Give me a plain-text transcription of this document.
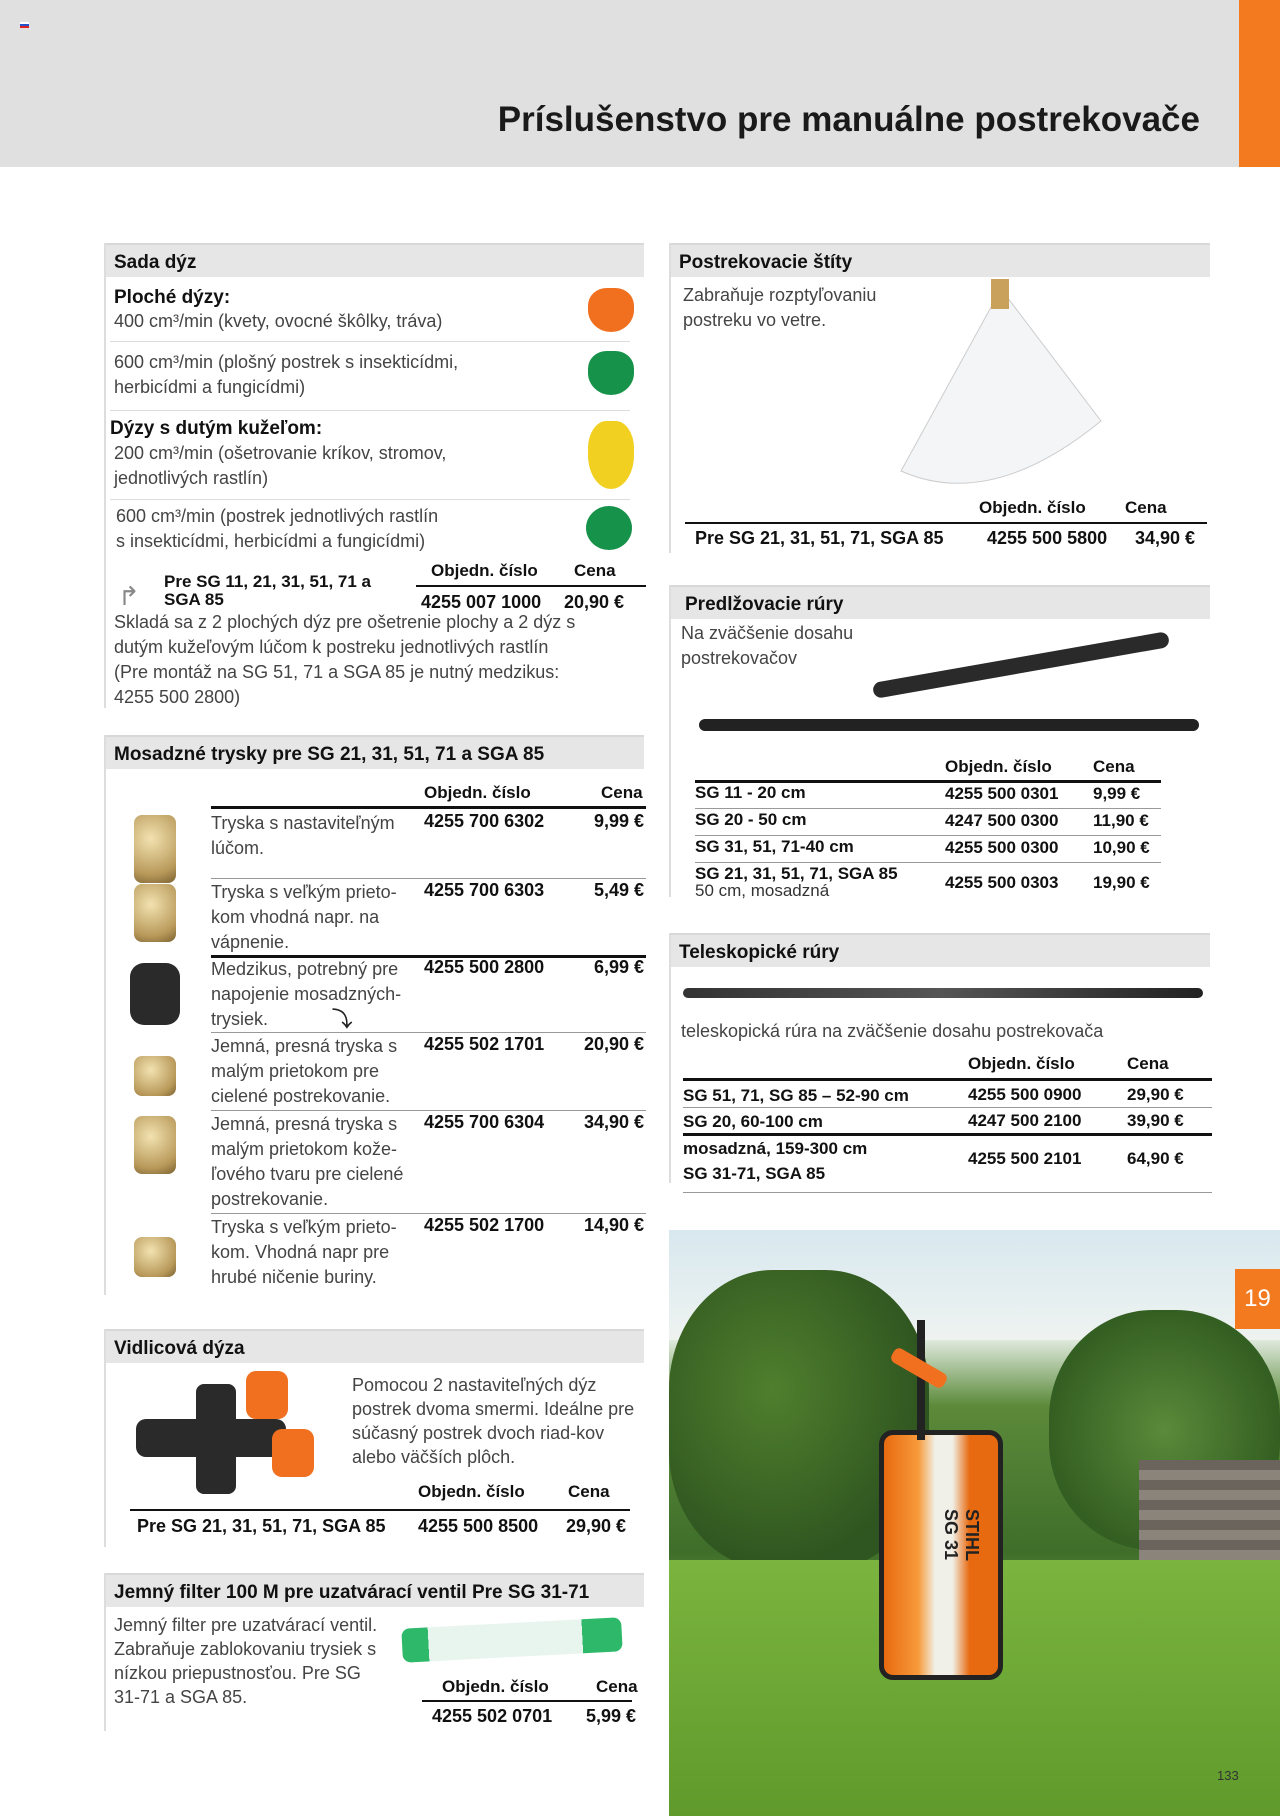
Príslušenstvo pre manuálne postrekovače
Sada dýz
Ploché dýzy:
400 cm³/min (kvety, ovocné škôlky, tráva)
600 cm³/min (plošný postrek s insekticídmi,
herbicídmi a fungicídmi)
Dýzy s dutým kužeľom:
200 cm³/min (ošetrovanie kríkov, stromov,
jednotlivých rastlín)
600 cm³/min (postrek jednotlivých rastlín
s insekticídmi, herbicídmi a fungicídmi)
↱ Pre SG 11, 21, 31, 51, 71 a
SGA 85
Objedn. číslo Cena
4255 007 1000 20,90 €
Skladá sa z 2 plochých dýz pre ošetrenie plochy a 2 dýz s
dutým kužeľovým lúčom k postreku jednotlivých rastlín
(Pre montáž na SG 51, 71 a SGA 85 je nutný medzikus:
4255 500 2800)
Mosadzné trysky pre SG 21, 31, 51, 71 a SGA 85
Objedn. číslo	Cena
Tryska s nastaviteľným lúčom.
4255 700 6302	9,99 €
Tryska s veľkým prieto-kom vhodná napr. na vápnenie.
4255 700 6303	5,49 €
Medzikus, potrebný pre napojenie mosadzných-trysiek.
4255 500 2800	6,99 €
Jemná, presná tryska s malým prietokom pre cielené postrekovanie.
4255 502 1701 20,90 €
Jemná, presná tryska s malým prietokom kože-ľového tvaru pre cielené postrekovanie.
4255 700 6304 34,90 €
Tryska s veľkým prieto-kom. Vhodná napr pre hrubé ničenie buriny.
4255 502 1700 14,90 €
⤵
Vidlicová dýza
Pomocou 2 nastaviteľných dýz postrek dvoma smermi. Ideálne pre súčasný postrek dvoch riad-kov alebo väčších plôch.
Objedn. číslo	Cena
Pre SG 21, 31, 51, 71, SGA 85 4255 500 8500 29,90 €
Jemný filter 100 M pre uzatvárací ventil Pre SG 31-71
Jemný filter pre uzatvárací ventil. Zabraňuje zablokovaniu trysiek s nízkou priepustnosťou. Pre SG 31-71 a SGA 85.
Objedn. číslo	Cena
4255 502 0701 5,99 €
Postrekovacie štíty
Zabraňuje rozptyľovaniu postreku vo vetre.
Objedn. číslo Cena
Pre SG 21, 31, 51, 71, SGA 85 4255 500 5800 34,90 €
Predlžovacie rúry
Na zväčšenie dosahu postrekovačov
Objedn. číslo Cena
SG 11 - 20 cm	4255 500 0301 9,99 €
SG 20 - 50 cm	4247 500 0300 11,90 €
SG 31, 51, 71-40 cm	4255 500 0300 10,90 €
SG 21, 31, 51, 71, SGA 85
50 cm, mosadzná	4255 500 0303 19,90 €
Teleskopické rúry
teleskopická rúra na zväčšenie dosahu postrekovača
Objedn. číslo	Cena
SG 51, 71, SG 85 – 52-90 cm	4255 500 0900	29,90 €
SG 20, 60-100 cm	4247 500 2100	39,90 €
mosadzná, 159-300 cm
SG 31-71, SGA 85
4255 500 2101	64,90 €
STIHL SG 31
133
19
